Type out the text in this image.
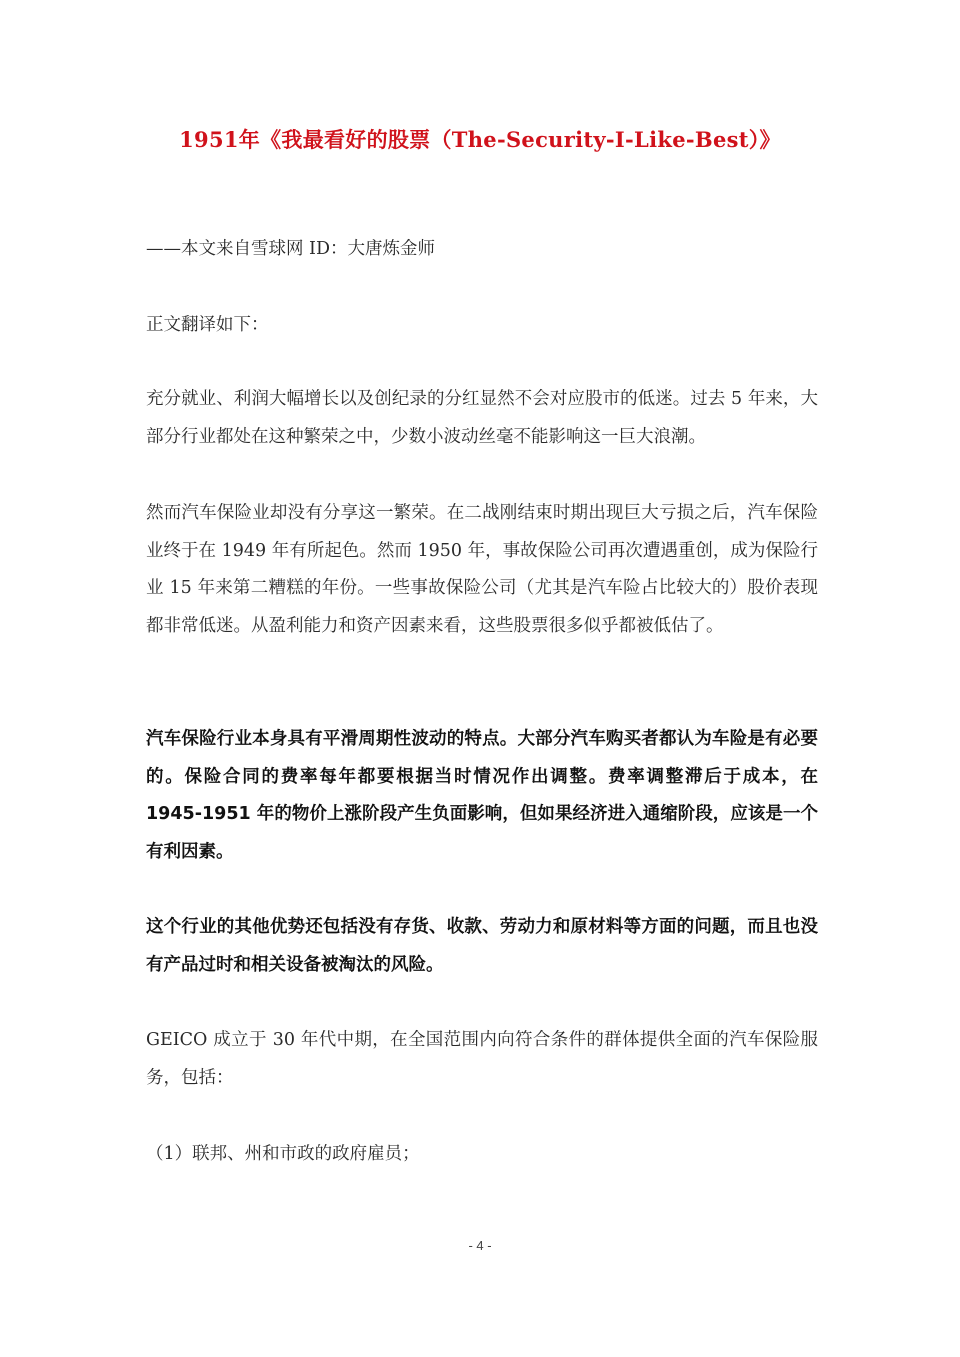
1951年《我最看好的股票（The-Security-I-Like-Best）》

——本文来自雪球网 ID：大唐炼金师

正文翻译如下：

充分就业、利润大幅增长以及创纪录的分红显然不会对应股市的低迷。过去 5 年来，大部分行业都处在这种繁荣之中，少数小波动丝毫不能影响这一巨大浪潮。

然而汽车保险业却没有分享这一繁荣。在二战刚结束时期出现巨大亏损之后，汽车保险业终于在 1949 年有所起色。然而 1950 年，事故保险公司再次遭遇重创，成为保险行业 15 年来第二糟糕的年份。一些事故保险公司（尤其是汽车险占比较大的）股价表现都非常低迷。从盈利能力和资产因素来看，这些股票很多似乎都被低估了。

汽车保险行业本身具有平滑周期性波动的特点。大部分汽车购买者都认为车险是有必要的。保险合同的费率每年都要根据当时情况作出调整。费率调整滞后于成本，在 1945-1951 年的物价上涨阶段产生负面影响，但如果经济进入通缩阶段，应该是一个有利因素。

这个行业的其他优势还包括没有存货、收款、劳动力和原材料等方面的问题，而且也没有产品过时和相关设备被淘汰的风险。

GEICO 成立于 30 年代中期，在全国范围内向符合条件的群体提供全面的汽车保险服务，包括：

（1）联邦、州和市政的政府雇员；

- 4 -
